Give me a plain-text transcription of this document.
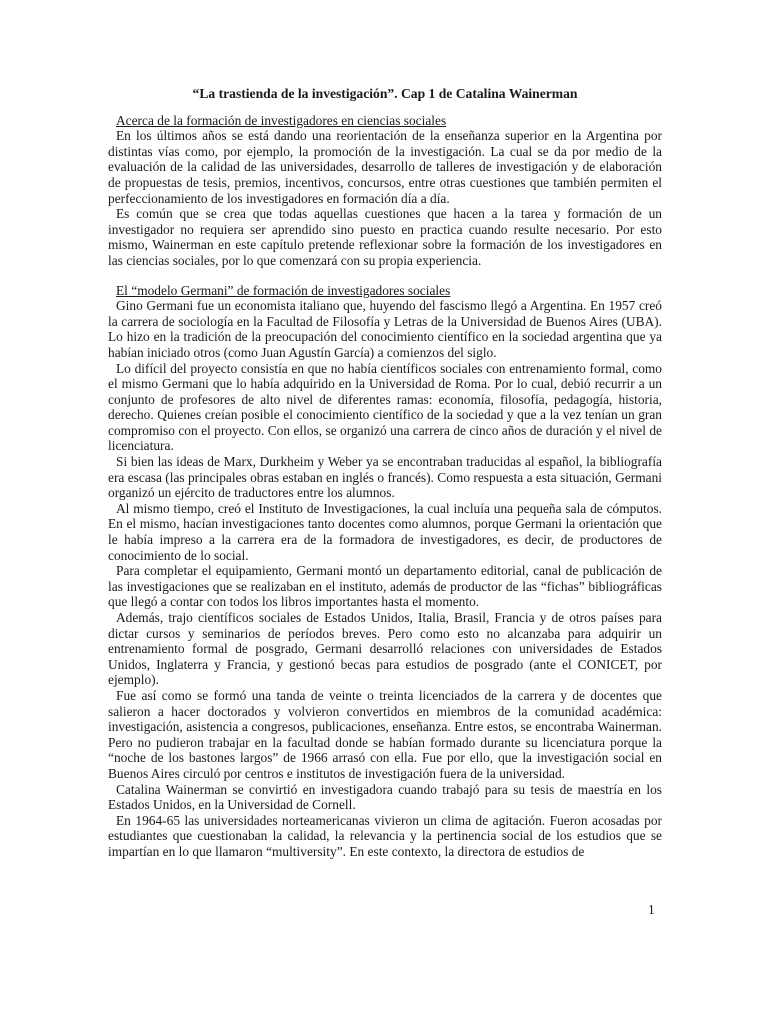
“La trastienda de la investigación”. Cap 1 de Catalina Wainerman

Acerca de la formación de investigadores en ciencias sociales

En los últimos años se está dando una reorientación de la enseñanza superior en la Argentina por distintas vías como, por ejemplo, la promoción de la investigación. La cual se da por medio de la evaluación de la calidad de las universidades, desarrollo de talleres de investigación y de elaboración de propuestas de tesis, premios, incentivos, concursos, entre otras cuestiones que también permiten el perfeccionamiento de los investigadores en formación día a día.

Es común que se crea que todas aquellas cuestiones que hacen a la tarea y formación de un investigador no requiera ser aprendido sino puesto en practica cuando resulte necesario. Por esto mismo, Wainerman en este capítulo pretende reflexionar sobre la formación de los investigadores en las ciencias sociales, por lo que comenzará con su propia experiencia.

El “modelo Germani” de formación de investigadores sociales

Gino Germani fue un economista italiano que, huyendo del fascismo llegó a Argentina. En 1957 creó la carrera de sociología en la Facultad de Filosofía y Letras de la Universidad de Buenos Aires (UBA). Lo hizo en la tradición de la preocupación del conocimiento científico en la sociedad argentina que ya habían iniciado otros (como Juan Agustín García) a comienzos del siglo.

Lo difícil del proyecto consistía en que no había científicos sociales con entrenamiento formal, como el mismo Germani que lo había adquirido en la Universidad de Roma. Por lo cual, debió recurrir a un conjunto de profesores de alto nivel de diferentes ramas: economía, filosofía, pedagogía, historia, derecho. Quienes creían posible el conocimiento científico de la sociedad y que a la vez tenían un gran compromiso con el proyecto. Con ellos, se organizó una carrera de cinco años de duración y el nivel de licenciatura.

Si bien las ideas de Marx, Durkheim y Weber ya se encontraban traducidas al español, la bibliografía era escasa (las principales obras estaban en inglés o francés). Como respuesta a esta situación, Germani organizó un ejército de traductores entre los alumnos.

Al mismo tiempo, creó el Instituto de Investigaciones, la cual incluía una pequeña sala de cómputos. En el mismo, hacían investigaciones tanto docentes como alumnos, porque Germani la orientación que le había impreso a la carrera era de la formadora de investigadores, es decir, de productores de conocimiento de lo social.

Para completar el equipamiento, Germani montó un departamento editorial, canal de publicación de las investigaciones que se realizaban en el instituto, además de productor de las “fichas” bibliográficas que llegó a contar con todos los libros importantes hasta el momento.

Además, trajo científicos sociales de Estados Unidos, Italia, Brasil, Francia y de otros países para dictar cursos y seminarios de períodos breves. Pero como esto no alcanzaba para adquirir un entrenamiento formal de posgrado, Germani desarrolló relaciones con universidades de Estados Unidos, Inglaterra y Francia, y gestionó becas para estudios de posgrado (ante el CONICET, por ejemplo).

Fue así como se formó una tanda de veinte o treinta licenciados de la carrera y de docentes que salieron a hacer doctorados y volvieron convertidos en miembros de la comunidad académica: investigación, asistencia a congresos, publicaciones, enseñanza. Entre estos, se encontraba Wainerman. Pero no pudieron trabajar en la facultad donde se habían formado durante su licenciatura porque la “noche de los bastones largos” de 1966 arrasó con ella. Fue por ello, que la investigación social en Buenos Aires circuló por centros e institutos de investigación fuera de la universidad.

Catalina Wainerman se convirtió en investigadora cuando trabajó para su tesis de maestría en los Estados Unidos, en la Universidad de Cornell.

En 1964-65 las universidades norteamericanas vivieron un clima de agitación. Fueron acosadas por estudiantes que cuestionaban la calidad, la relevancia y la pertinencia social de los estudios que se impartían en lo que llamaron “multiversity”. En este contexto, la directora de estudios de

1
